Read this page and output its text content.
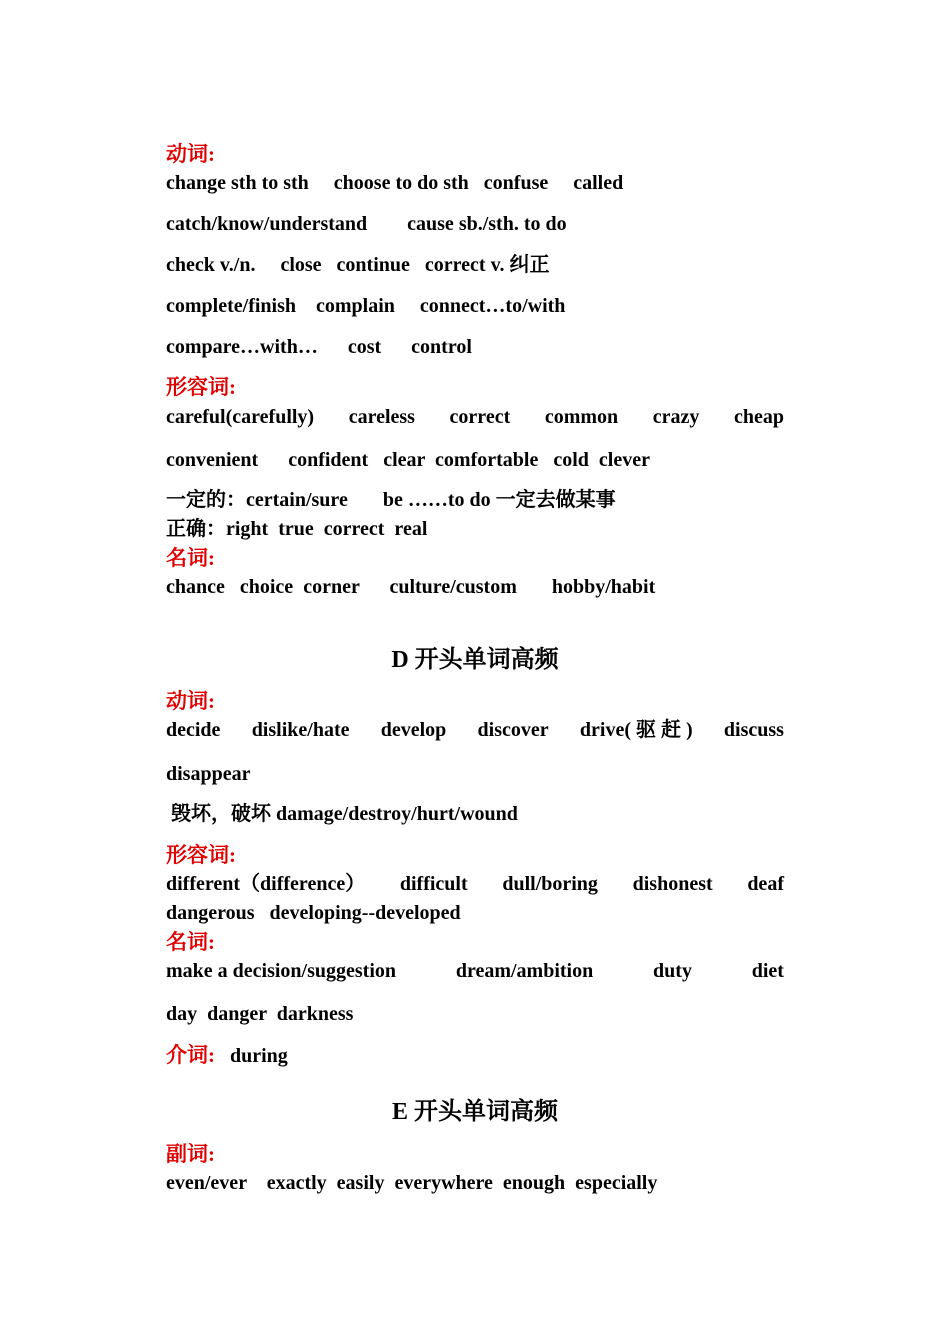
动词:
change sth to sth     choose to do sth   confuse     called
catch/know/understand        cause sb./sth. to do
check v./n.     close   continue   correct v. 纠正
complete/finish    complain     connect…to/with
compare…with…      cost      control
形容词:
careful(carefully) careless correct common crazy cheap
convenient      confident   clear  comfortable   cold  clever
一定的：certain/sure       be ……to do 一定去做某事
正确：right  true  correct  real
名词:
chance   choice  corner      culture/custom       hobby/habit
D 开头单词高频
动词:
decide dislike/hate develop discover drive( 驱 赶 ) discuss
disappear
毁坏，破坏 damage/destroy/hurt/wound
形容词:
different（difference） difficult dull/boring dishonest deaf
dangerous   developing--developed
名词:
make a decision/suggestion	dream/ambition	duty	diet
day  danger  darkness
介词: during
E 开头单词高频
副词:
even/ever    exactly  easily  everywhere  enough  especially
